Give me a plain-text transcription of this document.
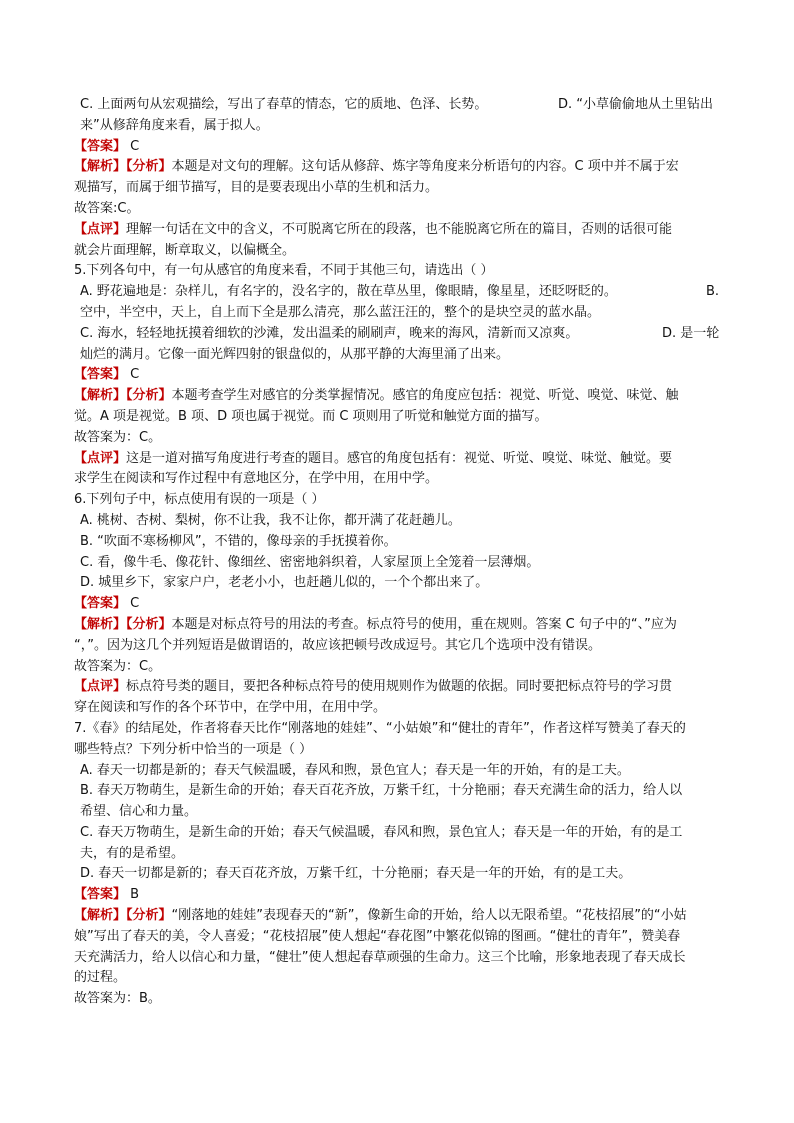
C. 上面两句从宏观描绘，写出了春草的情态，它的质地、色泽、长势。	D. “小草偷偷地从土里钻出
来”从修辞角度来看，属于拟人。
【答案】 C
【解析】【分析】本题是对文句的理解。这句话从修辞、炼字等角度来分析语句的内容。C 项中并不属于宏
观描写，而属于细节描写，目的是要表现出小草的生机和活力。
故答案:C。
【点评】理解一句话在文中的含义，不可脱离它所在的段落，也不能脱离它所在的篇目，否则的话很可能
就会片面理解，断章取义，以偏概全。
5.下列各句中，有一句从感官的角度来看，不同于其他三句，请选出（ ）
A. 野花遍地是：杂样儿，有名字的，没名字的，散在草丛里，像眼睛，像星星，还眨呀眨的。	B.
空中，半空中，天上，自上而下全是那么清亮，那么蓝汪汪的，整个的是块空灵的蓝水晶。
C. 海水，轻轻地抚摸着细软的沙滩，发出温柔的刷刷声，晚来的海风，清新而又凉爽。	D. 是一轮
灿烂的满月。它像一面光辉四射的银盘似的，从那平静的大海里涌了出来。
【答案】 C
【解析】【分析】本题考查学生对感官的分类掌握情况。感官的角度应包括：视觉、听觉、嗅觉、味觉、触
觉。A 项是视觉。B 项、D 项也属于视觉。而 C 项则用了听觉和触觉方面的描写。
故答案为：C。
【点评】这是一道对描写角度进行考查的题目。感官的角度包括有：视觉、听觉、嗅觉、味觉、触觉。要
求学生在阅读和写作过程中有意地区分，在学中用，在用中学。
6.下列句子中，标点使用有误的一项是（ ）
A. 桃树、杏树、梨树，你不让我，我不让你，都开满了花赶趟儿。
B. “吹面不寒杨柳风”，不错的，像母亲的手抚摸着你。
C. 看，像牛毛、像花针、像细丝、密密地斜织着，人家屋顶上全笼着一层薄烟。
D. 城里乡下，家家户户，老老小小，也赶趟儿似的，一个个都出来了。
【答案】 C
【解析】【分析】本题是对标点符号的用法的考查。标点符号的使用，重在规则。答案 C 句子中的“、”应为
“，”。因为这几个并列短语是做谓语的，故应该把顿号改成逗号。其它几个选项中没有错误。
故答案为：C。
【点评】标点符号类的题目，要把各种标点符号的使用规则作为做题的依据。同时要把标点符号的学习贯
穿在阅读和写作的各个环节中，在学中用，在用中学。
7.《春》的结尾处，作者将春天比作“刚落地的娃娃”、“小姑娘”和“健壮的青年”，作者这样写赞美了春天的
哪些特点？下列分析中恰当的一项是（ ）
A. 春天一切都是新的；春天气候温暖，春风和煦，景色宜人；春天是一年的开始，有的是工夫。
B. 春天万物萌生，是新生命的开始；春天百花齐放，万紫千红，十分艳丽；春天充满生命的活力，给人以
希望、信心和力量。
C. 春天万物萌生，是新生命的开始；春天气候温暖，春风和煦，景色宜人；春天是一年的开始，有的是工
夫，有的是希望。
D. 春天一切都是新的；春天百花齐放，万紫千红，十分艳丽；春天是一年的开始，有的是工夫。
【答案】 B
【解析】【分析】“刚落地的娃娃”表现春天的“新”，像新生命的开始，给人以无限希望。“花枝招展”的“小姑
娘”写出了春天的美，令人喜爱；“花枝招展”使人想起“春花图”中繁花似锦的图画。“健壮的青年”，赞美春
天充满活力，给人以信心和力量，“健壮”使人想起春草顽强的生命力。这三个比喻，形象地表现了春天成长
的过程。
故答案为：B。
